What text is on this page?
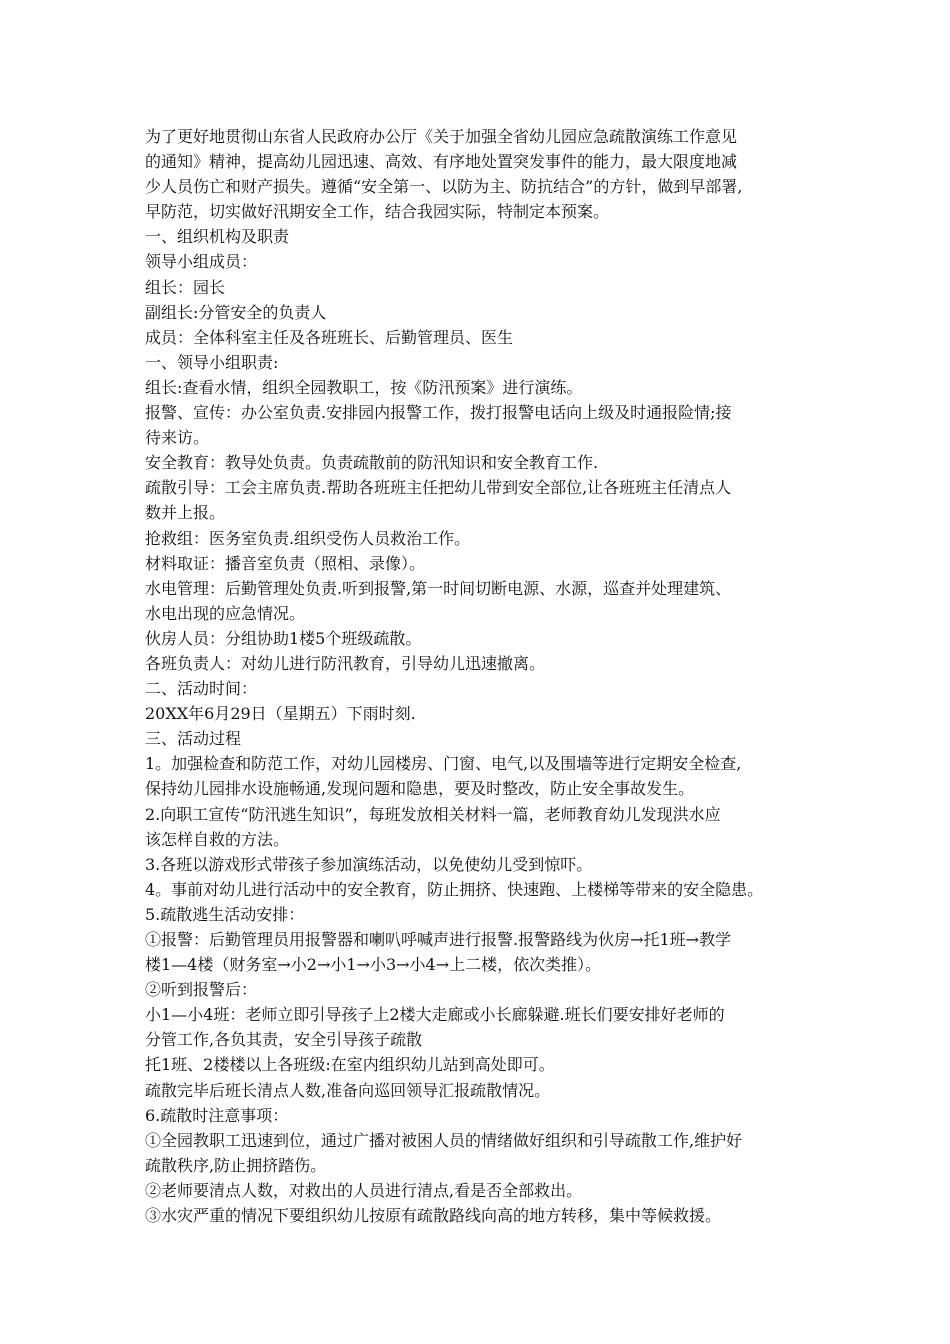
为了更好地贯彻山东省人民政府办公厅《关于加强全省幼儿园应急疏散演练工作意见
的通知》精神，提高幼儿园迅速、高效、有序地处置突发事件的能力，最大限度地减
少人员伤亡和财产损失。遵循“安全第一、以防为主、防抗结合”的方针，做到早部署,
早防范，切实做好汛期安全工作，结合我园实际，特制定本预案。
一、组织机构及职责
领导小组成员：
组长：园长
副组长:分管安全的负责人
成员：全体科室主任及各班班长、后勤管理员、医生
一、领导小组职责:
组长:查看水情，组织全园教职工，按《防汛预案》进行演练。
报警、宣传：办公室负责.安排园内报警工作，拨打报警电话向上级及时通报险情;接
待来访。
安全教育：教导处负责。负责疏散前的防汛知识和安全教育工作.
疏散引导：工会主席负责.帮助各班班主任把幼儿带到安全部位,让各班班主任清点人
数并上报。
抢救组：医务室负责.组织受伤人员救治工作。
材料取证：播音室负责（照相、录像）。
水电管理：后勤管理处负责.听到报警,第一时间切断电源、水源，巡查并处理建筑、
水电出现的应急情况。
伙房人员：分组协助1楼5个班级疏散。
各班负责人：对幼儿进行防汛教育，引导幼儿迅速撤离。
二、活动时间：
20XX年6月29日（星期五）下雨时刻.
三、活动过程
1。加强检查和防范工作，对幼儿园楼房、门窗、电气,以及围墙等进行定期安全检查,
保持幼儿园排水设施畅通,发现问题和隐患，要及时整改，防止安全事故发生。
2.向职工宣传“防汛逃生知识”，每班发放相关材料一篇，老师教育幼儿发现洪水应
该怎样自救的方法。
3.各班以游戏形式带孩子参加演练活动，以免使幼儿受到惊吓。
4。事前对幼儿进行活动中的安全教育，防止拥挤、快速跑、上楼梯等带来的安全隐患。
5.疏散逃生活动安排：
①报警：后勤管理员用报警器和喇叭呼喊声进行报警.报警路线为伙房→托1班→教学
楼1—4楼（财务室→小2→小1→小3→小4→上二楼，依次类推）。
②听到报警后：
小1—小4班：老师立即引导孩子上2楼大走廊或小长廊躲避.班长们要安排好老师的
分管工作,各负其责，安全引导孩子疏散
托1班、2楼楼以上各班级:在室内组织幼儿站到高处即可。
疏散完毕后班长清点人数,准备向巡回领导汇报疏散情况。
6.疏散时注意事项：
①全园教职工迅速到位，通过广播对被困人员的情绪做好组织和引导疏散工作,维护好
疏散秩序,防止拥挤踏伤。
②老师要清点人数，对救出的人员进行清点,看是否全部救出。
③水灾严重的情况下要组织幼儿按原有疏散路线向高的地方转移，集中等候救援。
